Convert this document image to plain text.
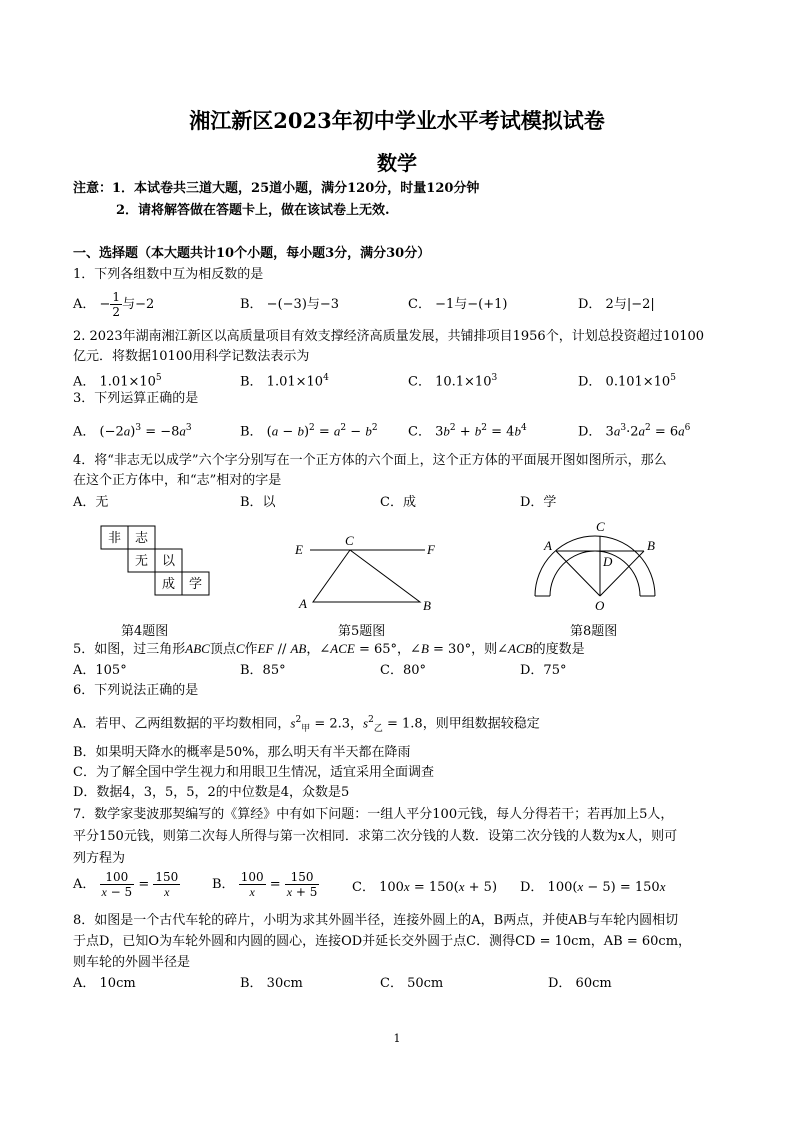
湘江新区2023年初中学业水平考试模拟试卷
数学
注意：1．本试卷共三道大题，25道小题，满分120分，时量120分钟
2．请将解答做在答题卡上，做在该试卷上无效.
一、选择题（本大题共计10个小题，每小题3分，满分30分）
1．下列各组数中互为相反数的是
A． − $\frac{1}{2}$ 与−2	B． −(−3)与−3	C． −1与−(+1)	D． 2与|−2|
2. 2023年湖南湘江新区以高质量项目有效支撑经济高质量发展，共铺排项目1956个，计划总投资超过10100
亿元．将数据10100用科学记数法表示为
A． $1.01\times 10^5$	B． $1.01\times 10^4$	C． $10.1\times 10^3$	D． $0.101\times 10^5$
3．下列运算正确的是
A． $(-2a)^3 = -8a^3$	B． $(a - b)^2 = a^2 - b^2$ C． $3b^2 + b^2 = 4b^4$	D． $3a^3\cdot 2a^2 = 6a^6$
4．将“非志无以成学”六个字分别写在一个正方体的六个面上，这个正方体的平面展开图如图所示，那么
在这个正方体中，和“志”相对的字是
A．无	B．以	C．成	D．学
非 志
无 以
成 学
E
C
F
A	B
C
A	B
D
O
第4题图	第5题图	第8题图
5．如图，过三角形ABC顶点C作EF // AB，∠ACE = 65°，∠B = 30°，则∠ACB的度数是
A．105°	B．85°	C．80°	D．75°
6．下列说法正确的是
A．若甲、乙两组数据的平均数相同，$s^2_甲 = 2.3$，$s^2_乙 = 1.8$，则甲组数据较稳定
B．如果明天降水的概率是50%，那么明天有半天都在降雨
C．为了解全国中学生视力和用眼卫生情况，适宜采用全面调查
D．数据4，3，5，5，2的中位数是4，众数是5
7．数学家斐波那契编写的《算经》中有如下问题：一组人平分100元钱，每人分得若干；若再加上5人，
平分150元钱，则第二次每人所得与第一次相同．求第二次分钱的人数．设第二次分钱的人数为x人，则可
列方程为
A． $\frac{100}{x - 5} = \frac{150}{x}$ B． $\frac{100}{x} = \frac{150}{x + 5}$	C． 100x = 150(x + 5) D． 100(x − 5) = 150x
8．如图是一个古代车轮的碎片，小明为求其外圆半径，连接外圆上的A，B两点，并使AB与车轮内圆相切
于点D，已知O为车轮外圆和内圆的圆心，连接OD并延长交外圆于点C．测得CD = 10cm，AB = 60cm，
则车轮的外圆半径是
A． 10cm	B． 30cm	C． 50cm	D． 60cm
1
